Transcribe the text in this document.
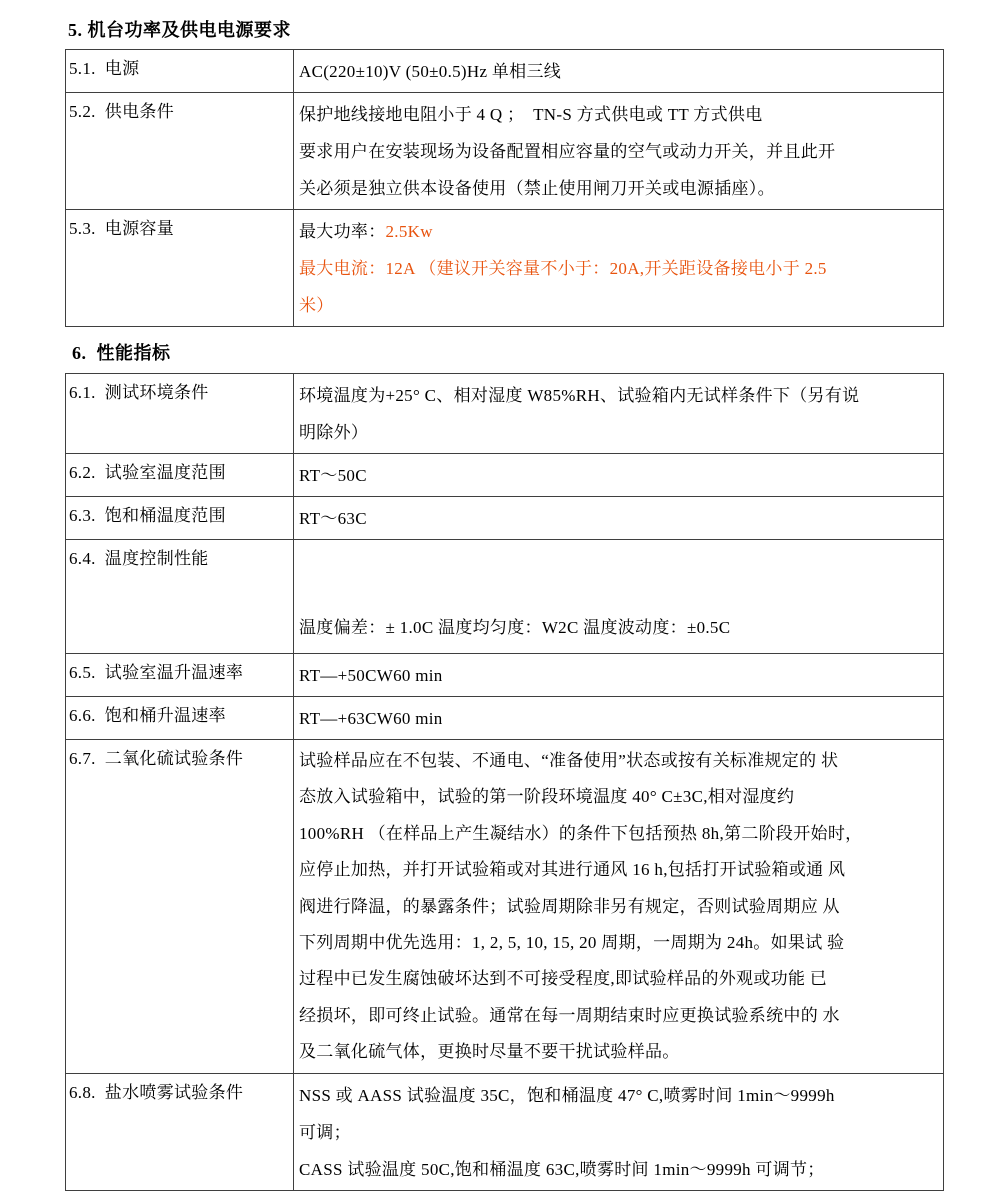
5. 机台功率及供电电源要求
5.1.  电源	AC(220±10)V (50±0.5)Hz 单相三线

5.2.  供电条件	保护地线接地电阻小于 4 Q ；  TN-S 方式供电或 TT 方式供电
要求用户在安装现场为设备配置相应容量的空气或动力开关，并且此开
关必须是独立供本设备使用（禁止使用闸刀开关或电源插座）。

5.3.  电源容量	最大功率：2.5Kw
最大电流：12A （建议开关容量不小于：20A,开关距设备接电小于 2.5
米）
6.  性能指标
6.1.  测试环境条件	环境温度为+25° C、相对湿度 W85%RH、试验箱内无试样条件下（另有说
明除外）

6.2.  试验室温度范围	RT～50C

6.3.  饱和桶温度范围	RT～63C

6.4.  温度控制性能	温度偏差：± 1.0C 温度均匀度：W2C 温度波动度：±0.5C

6.5.  试验室温升温速率	RT—+50CW60 min

6.6.  饱和桶升温速率	RT—+63CW60 min

6.7.  二氧化硫试验条件	试验样品应在不包装、不通电、“准备使用”状态或按有关标准规定的 状
态放入试验箱中，试验的第一阶段环境温度 40° C±3C,相对湿度约
100%RH （在样品上产生凝结水）的条件下包括预热 8h,第二阶段开始时，
应停止加热，并打开试验箱或对其进行通风 16 h,包括打开试验箱或通 风
阀进行降温，的暴露条件；试验周期除非另有规定，否则试验周期应 从
下列周期中优先选用：1, 2, 5, 10, 15, 20 周期，一周期为 24h。如果试 验
过程中已发生腐蚀破坏达到不可接受程度,即试验样品的外观或功能 已
经损坏，即可终止试验。通常在每一周期结束时应更换试验系统中的 水
及二氧化硫气体，更换时尽量不要干扰试验样品。

6.8.  盐水喷雾试验条件	NSS 或 AASS 试验温度 35C，饱和桶温度 47° C,喷雾时间 1min～9999h
可调；
CASS 试验温度 50C,饱和桶温度 63C,喷雾时间 1min～9999h 可调节；
